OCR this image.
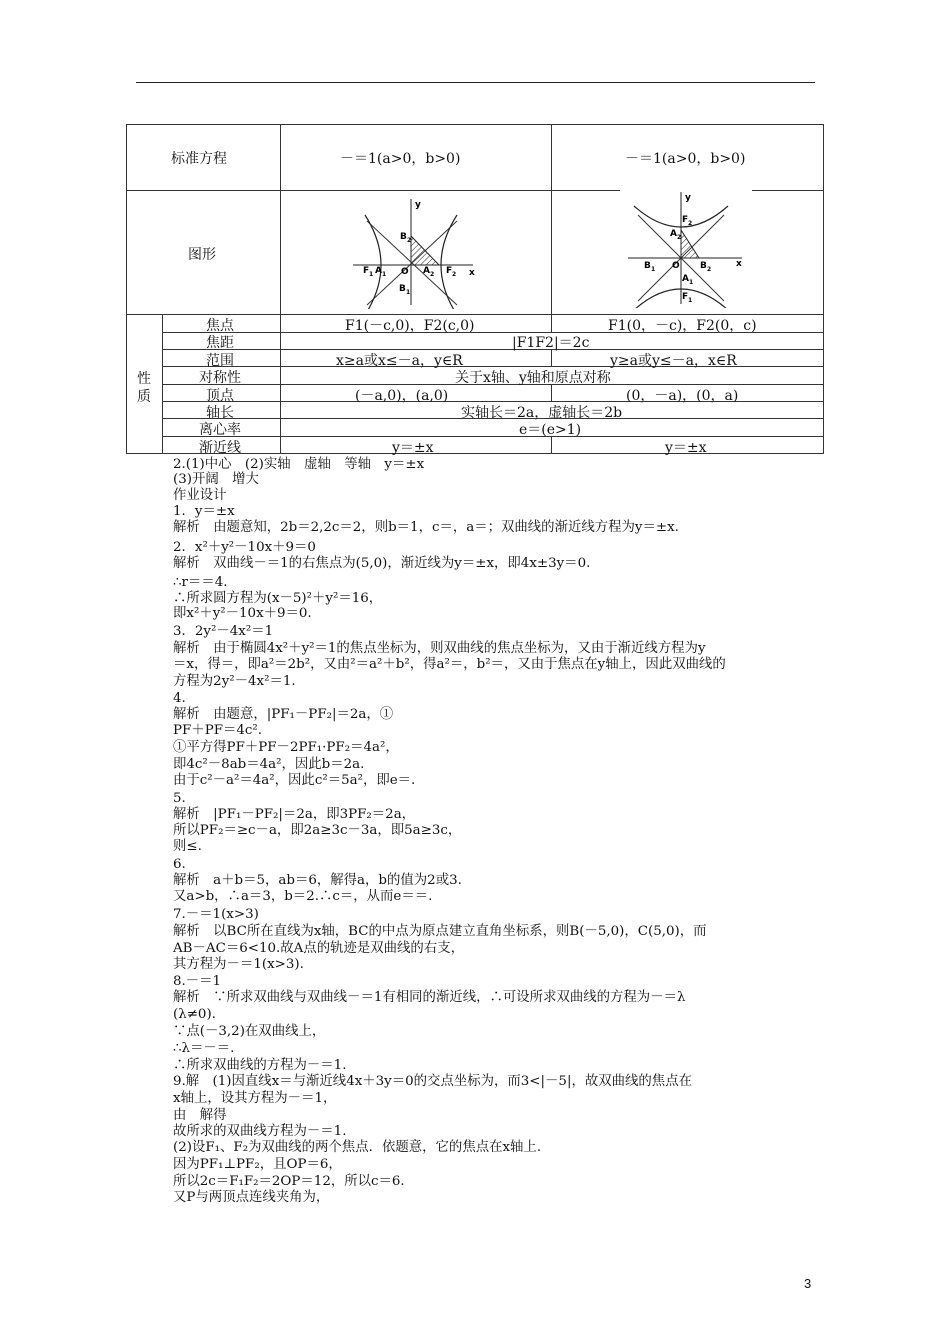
标准方程	－＝1(a>0，b>0)	－＝1(a>0，b>0)
图形
y
x
B 2
F 1 A 1 O A 2 F 2
B 1
y
x
F 2
A 2
B 1 O B 2
A 1
F 1
性
质
焦点	F1(－c,0)，F2(c,0)	F1(0，－c)，F2(0，c)
焦距	|F1F2|＝2c
范围	x≥a或x≤－a，y∈R	y≥a或y≤－a，x∈R
对称性	关于x轴、y轴和原点对称
顶点	(－a,0)，(a,0)	(0，－a)，(0，a)
轴长	实轴长＝2a，虚轴长＝2b
离心率	e＝(e>1)
渐近线	y＝±x	y＝±x
2.(1)中心　(2)实轴　虚轴　等轴　y＝±x
(3)开阔　增大
作业设计
1．y＝±x
解析　由题意知，2b＝2,2c＝2，则b＝1，c＝，a＝；双曲线的渐近线方程为y＝±x.
2．x²＋y²－10x＋9＝0
解析　双曲线－＝1的右焦点为(5,0)，渐近线为y＝±x，即4x±3y＝0.
∴r＝＝4.
∴所求圆方程为(x－5)²＋y²＝16，
即x²＋y²－10x＋9＝0.
3．2y²－4x²＝1
解析　由于椭圆4x²＋y²＝1的焦点坐标为，则双曲线的焦点坐标为，又由于渐近线方程为y
＝x，得＝，即a²＝2b²，又由²＝a²＋b²，得a²＝，b²＝，又由于焦点在y轴上，因此双曲线的
方程为2y²－4x²＝1.
4.
解析　由题意，|PF₁－PF₂|＝2a，①
PF＋PF＝4c².
①平方得PF＋PF－2PF₁·PF₂＝4a²，
即4c²－8ab＝4a²，因此b＝2a.
由于c²－a²＝4a²，因此c²＝5a²，即e＝.
5.
解析　|PF₁－PF₂|＝2a，即3PF₂＝2a，
所以PF₂＝≥c－a，即2a≥3c－3a，即5a≥3c，
则≤.
6.
解析　a＋b＝5，ab＝6，解得a，b的值为2或3.
又a>b，∴a＝3，b＝2.∴c＝，从而e＝＝.
7.－＝1(x>3)
解析　以BC所在直线为x轴，BC的中点为原点建立直角坐标系，则B(－5,0)，C(5,0)，而
AB－AC＝6<10.故A点的轨迹是双曲线的右支，
其方程为－＝1(x>3).
8.－＝1
解析　∵所求双曲线与双曲线－＝1有相同的渐近线，∴可设所求双曲线的方程为－＝λ
(λ≠0).
∵点(－3,2)在双曲线上，
∴λ＝－＝.
∴所求双曲线的方程为－＝1.
9.解　(1)因直线x＝与渐近线4x＋3y＝0的交点坐标为，而3<|－5|，故双曲线的焦点在
x轴上，设其方程为－＝1，
由　解得
故所求的双曲线方程为－＝1.
(2)设F₁、F₂为双曲线的两个焦点．依题意，它的焦点在x轴上.
因为PF₁⊥PF₂，且OP＝6，
所以2c＝F₁F₂＝2OP＝12，所以c＝6.
又P与两顶点连线夹角为，
3
